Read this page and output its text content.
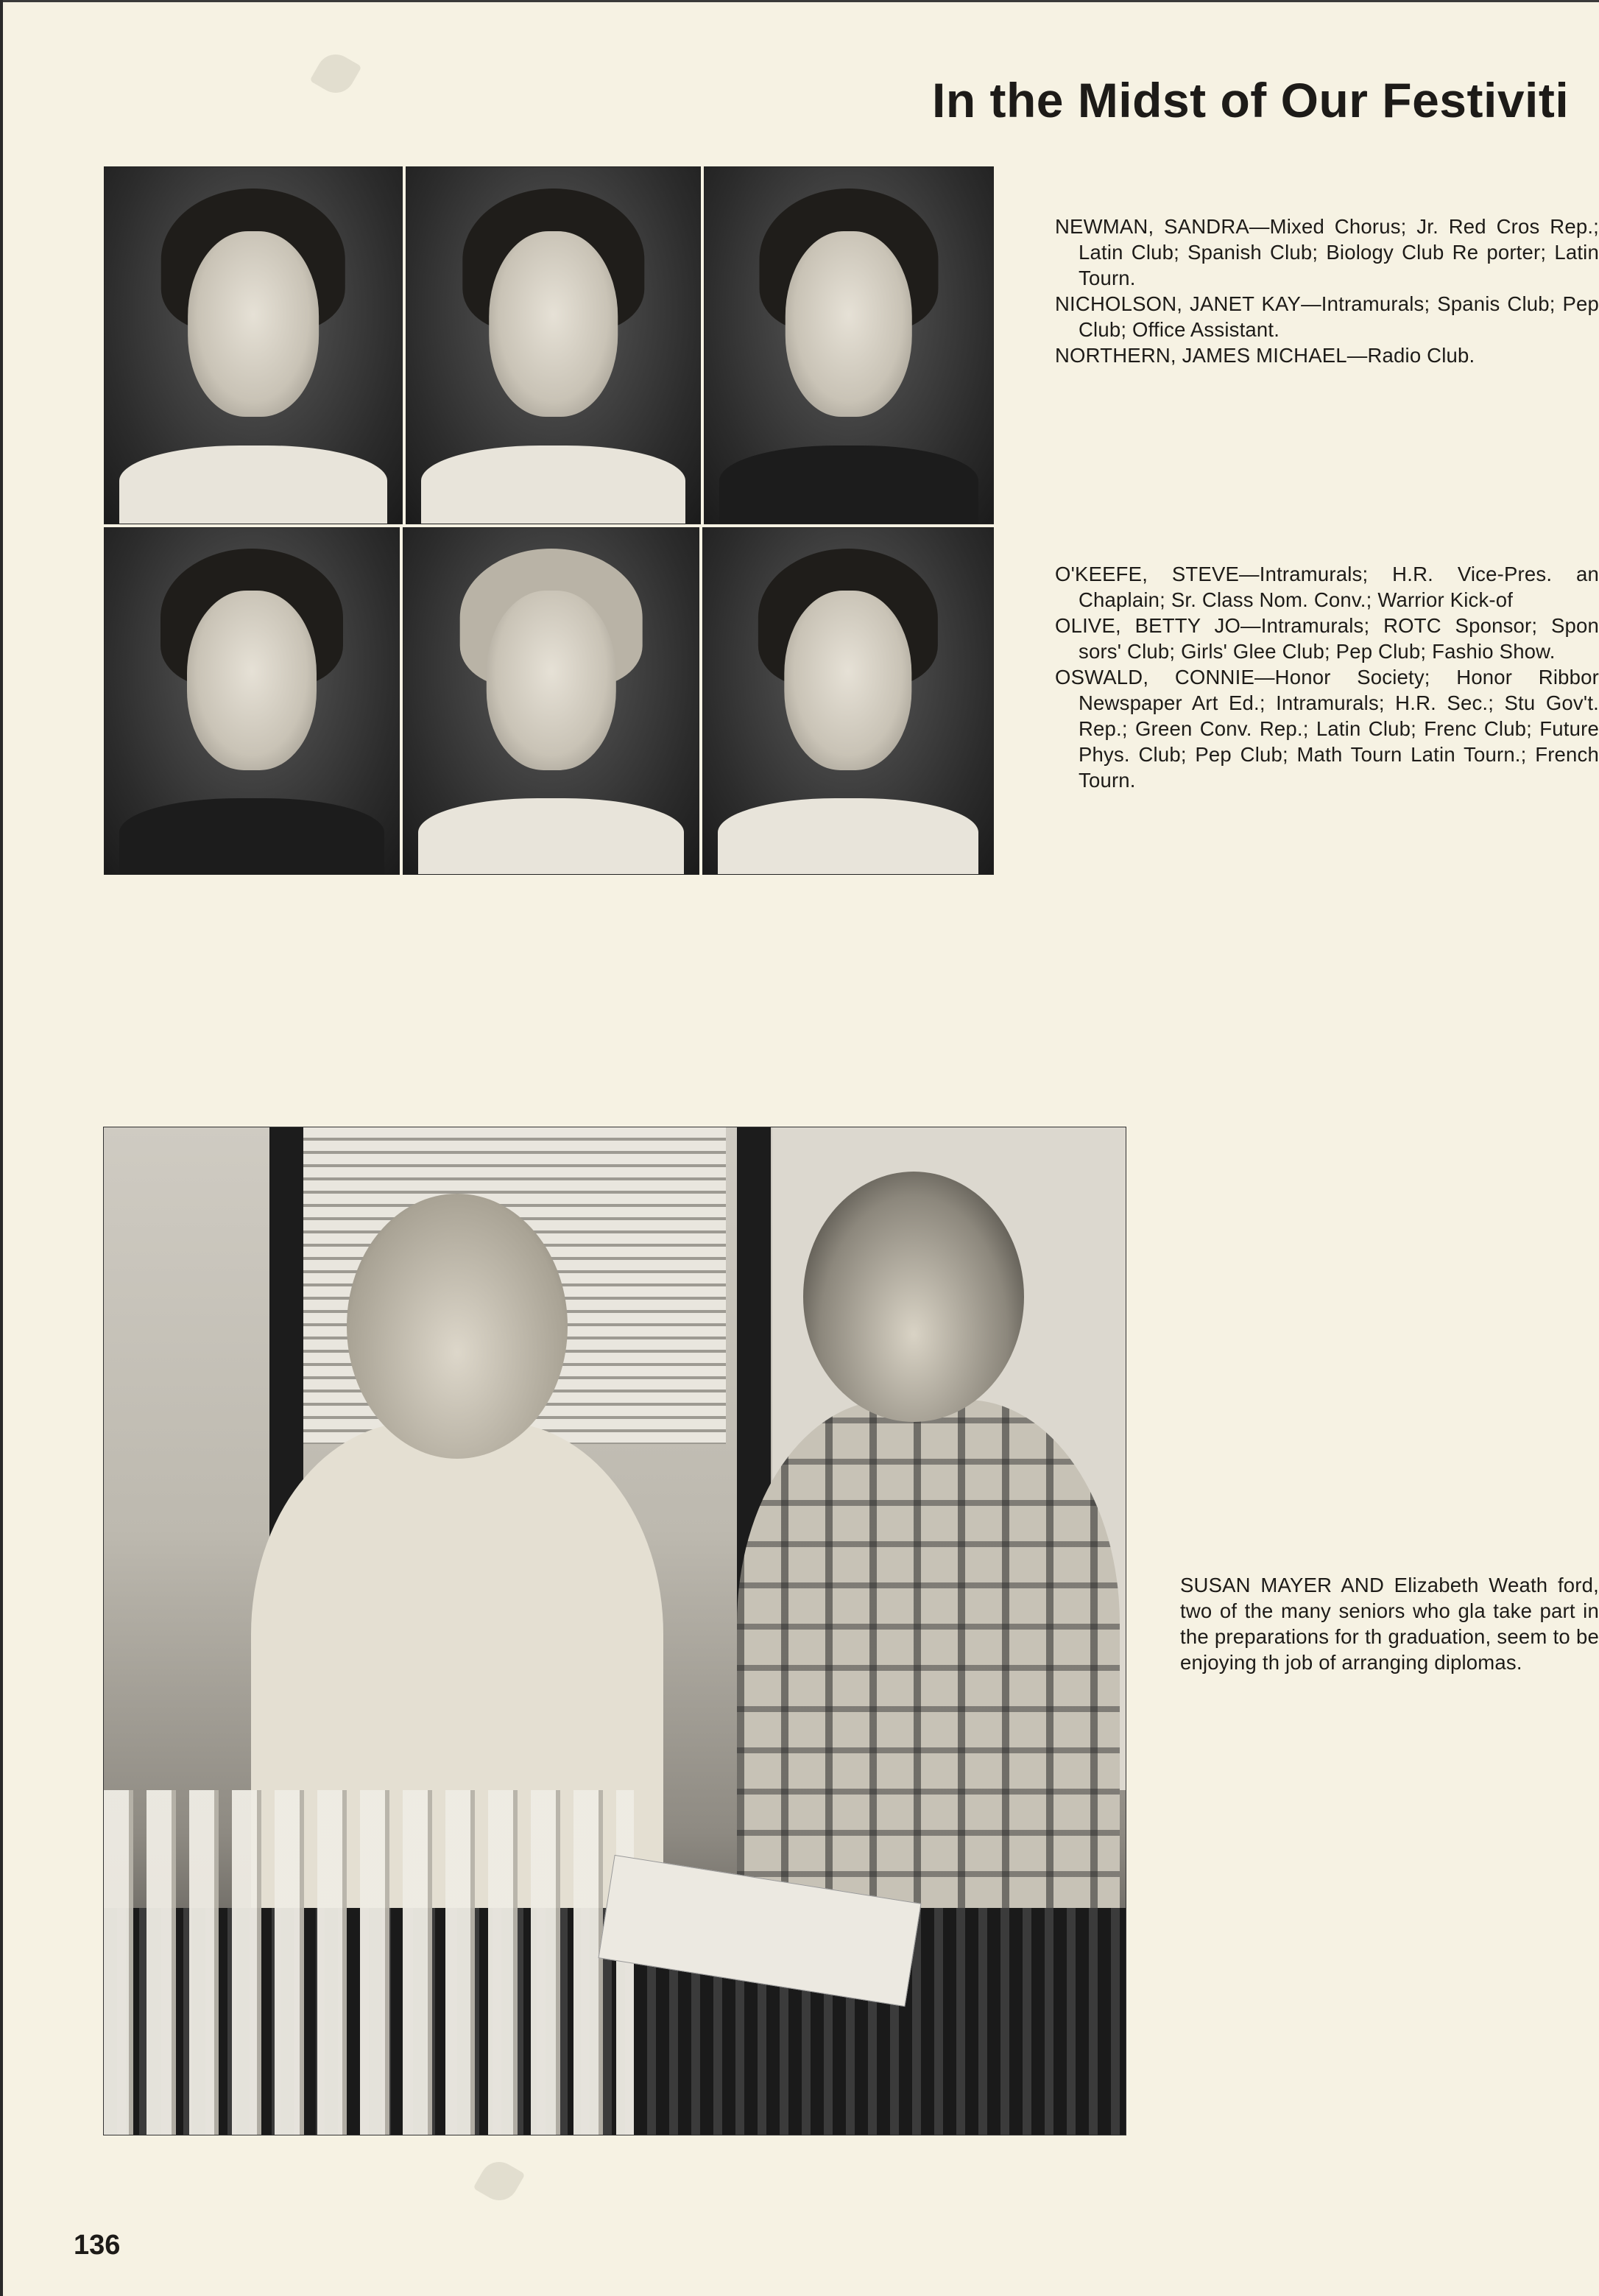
In the Midst of Our Festiviti
NEWMAN, SANDRA—Mixed Chorus; Jr. Red Cros Rep.; Latin Club; Spanish Club; Biology Club Re porter; Latin Tourn.
NICHOLSON, JANET KAY—Intramurals; Spanis Club; Pep Club; Office Assistant.
NORTHERN, JAMES MICHAEL—Radio Club.
O'KEEFE, STEVE—Intramurals; H.R. Vice-Pres. an Chaplain; Sr. Class Nom. Conv.; Warrior Kick-of
OLIVE, BETTY JO—Intramurals; ROTC Sponsor; Spon sors' Club; Girls' Glee Club; Pep Club; Fashio Show.
OSWALD, CONNIE—Honor Society; Honor Ribbor Newspaper Art Ed.; Intramurals; H.R. Sec.; Stu Gov't. Rep.; Green Conv. Rep.; Latin Club; Frenc Club; Future Phys. Club; Pep Club; Math Tourn Latin Tourn.; French Tourn.
SUSAN MAYER AND Elizabeth Weath ford, two of the many seniors who gla take part in the preparations for th graduation, seem to be enjoying th job of arranging diplomas.
136
